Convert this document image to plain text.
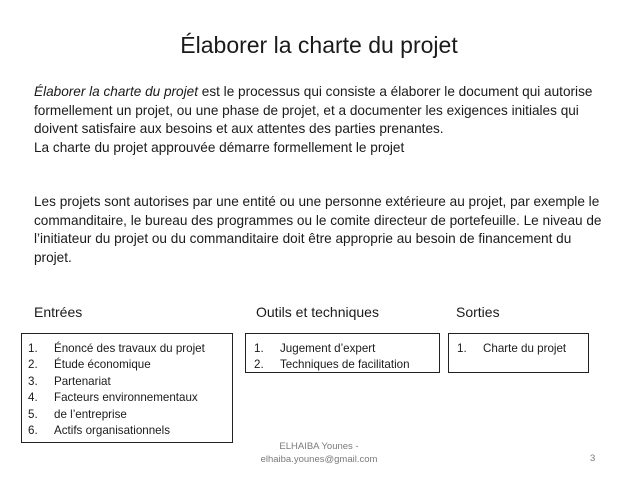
Élaborer la charte du projet

Élaborer la charte du projet est le processus qui consiste a élaborer le document qui autorise formellement un projet, ou une phase de projet, et a documenter les exigences initiales qui doivent satisfaire aux besoins et aux attentes des parties prenantes.

La charte du projet approuvée démarre formellement le projet

Les projets sont autorises par une entité ou une personne extérieure au projet, par exemple le commanditaire, le bureau des programmes ou le comite directeur de portefeuille. Le niveau de l’initiateur du projet ou du commanditaire doit être approprie au besoin de financement du projet.

Entrées	Outils et techniques	Sorties
1.	Énoncé des travaux du projet
2.	Étude économique
3.	Partenariat
4.	Facteurs environnementaux
5.	de l’entreprise
6.	Actifs organisationnels
1.	Jugement d’expert
2.	Techniques de facilitation
1.	Charte du projet
ELHAIBA Younes -
elhaiba.younes@gmail.com	3
